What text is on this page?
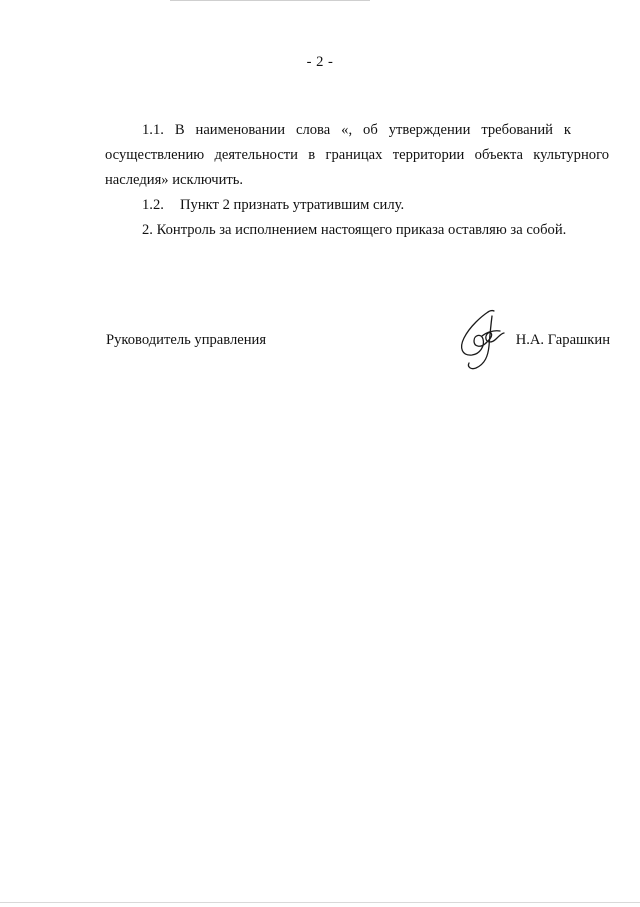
- 2 -

1.1.   В   наименовании   слова   «,   об   утверждении   требований   к
осуществлению деятельности в границах территории объекта культурного наследия» исключить.

1.2. Пункт 2 признать утратившим силу.

2. Контроль за исполнением настоящего приказа оставляю за собой.

Руководитель управления	Н.А. Гарашкин
